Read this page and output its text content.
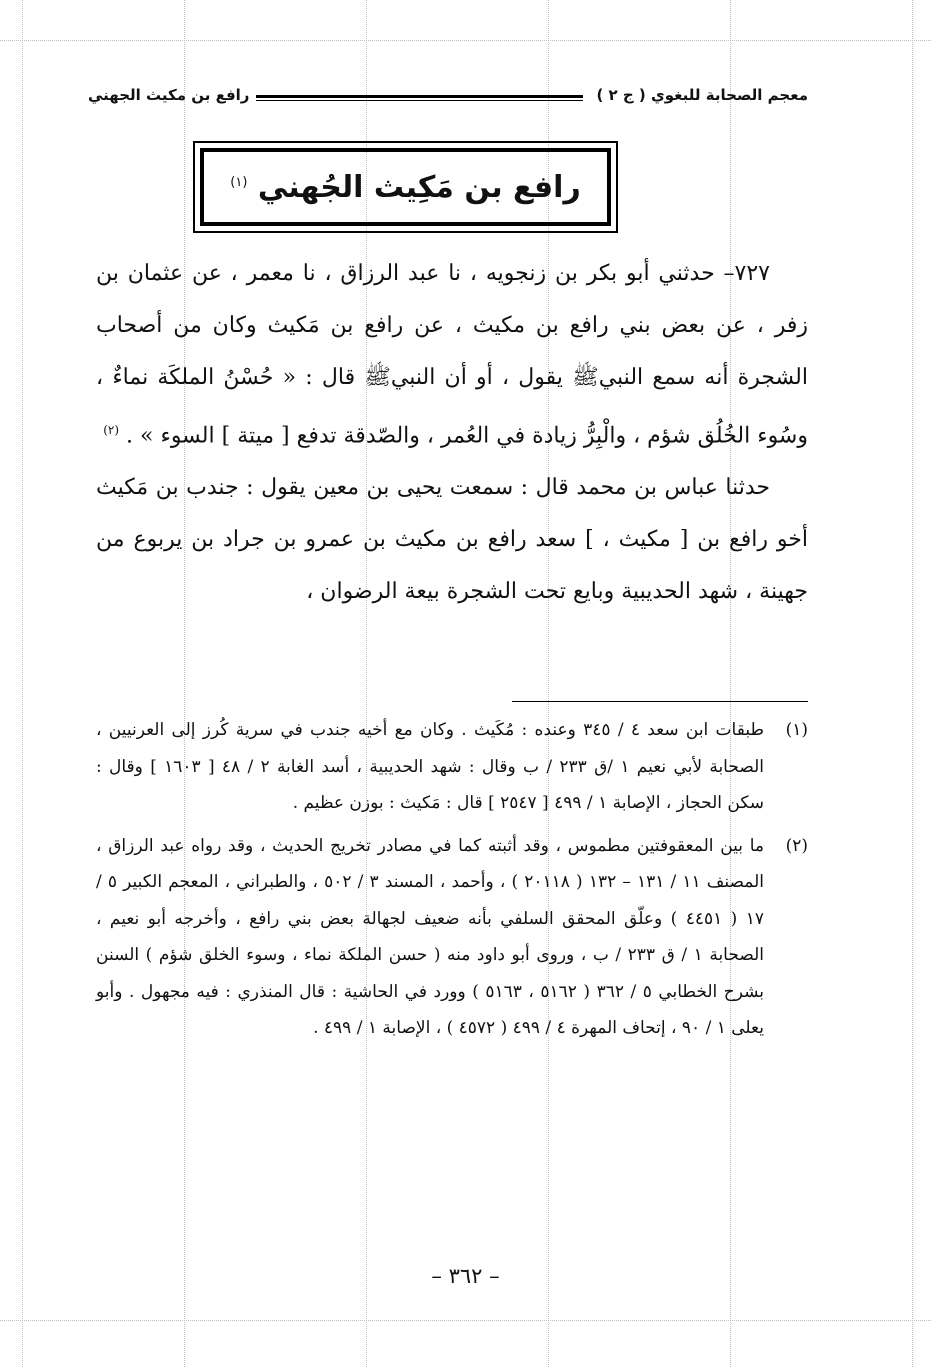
معجم الصحابة للبغوي ( ج ٢ )
رافع بن مكيث الجهني
رافع بن مَكِيث الجُهني $^{(١)}$

٧٢٧– حدثني أبو بكر بن زنجويه ، نا عبد الرزاق ، نا معمر ، عن عثمان بن زفر ، عن بعض بني رافع بن مكيث ، عن رافع بن مَكيث وكان من أصحاب الشجرة أنه سمع النبيﷺ يقول ، أو أن النبيﷺ قال : « حُسْنُ الملكَة نماءٌ ، وسُوء الخُلُق شؤم ، والْبِرُّ زيادة في العُمر ، والصّدقة تدفع [ ميتة ] السوء » . $^{(٢)}$

حدثنا عباس بن محمد قال : سمعت يحيى بن معين يقول : جندب بن مَكيث أخو رافع بن [ مكيث ، ] سعد رافع بن مكيث بن عمرو بن جراد بن يربوع من جهينة ، شهد الحديبية وبايع تحت الشجرة بيعة الرضوان ،

(١)
طبقات ابن سعد ٤ / ٣٤٥ وعنده : مُكَيث . وكان مع أخيه جندب في سرية كُرز إلى العرنيين ، الصحابة لأبي نعيم ١ /ق ٢٣٣ / ب وقال : شهد الحديبية ، أسد الغابة ٢ / ٤٨ [ ١٦٠٣ ] وقال : سكن الحجاز ، الإصابة ١ / ٤٩٩ [ ٢٥٤٧ ] قال : مَكيث : بوزن عظيم .

(٢)
ما بين المعقوفتين مطموس ، وقد أثبته كما في مصادر تخريج الحديث ، وقد رواه عبد الرزاق ، المصنف ١١ / ١٣١ – ١٣٢ ( ٢٠١١٨ ) ، وأحمد ، المسند ٣ / ٥٠٢ ، والطبراني ، المعجم الكبير ٥ / ١٧ ( ٤٤٥١ ) وعلّق المحقق السلفي بأنه ضعيف لجهالة بعض بني رافع ، وأخرجه أبو نعيم ، الصحابة ١ / ق ٢٣٣ / ب ، وروى أبو داود منه ( حسن الملكة نماء ، وسوء الخلق شؤم ) السنن بشرح الخطابي ٥ / ٣٦٢ ( ٥١٦٢ ، ٥١٦٣ ) وورد في الحاشية : قال المنذري : فيه مجهول . وأبو يعلى ١ / ٩٠ ، إتحاف المهرة ٤ / ٤٩٩ ( ٤٥٧٢ ) ، الإصابة ١ / ٤٩٩ .

– ٣٦٢ –
